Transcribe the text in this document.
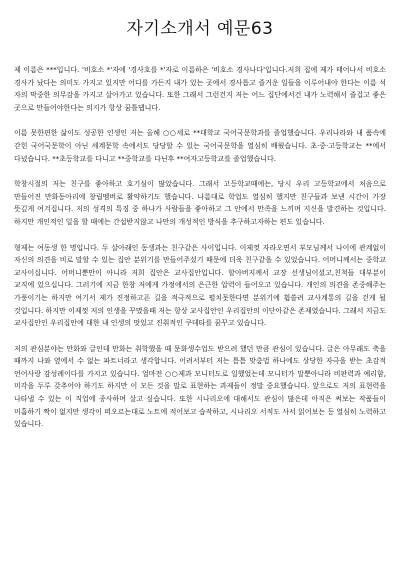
자기소개서 예문63

제 이름은 ***입니다. '비호소 *'자에 '경사호를 *'자로 이름하은 '비호소 경사나다'입니다.저희 집에 제가 태어나서 비호소 경사가 났다는 의미도 가지고 있지만 어디를 가든지 내가 있는 곳에서 경사롭고 즐거운 일들을 이루어내야 한다는 이름 석 자의 막중한 의무감을 가지고 살아가고 있습니다. 또한 그래서 그런건지 저는 어느 집단에서건 내가 노력해서 즐겁고 좋은 곳으로 만들어야한다는 의지가 항상 꿈틀댑니다.

이름 못한편한 삶이도 성공한 인생인 저는 올해 ○○세로 **대학교 국어국문학과를 졸업했습니다. 우리나라와 내 품속에 갇힌 국어국문학이 아닌 세계문학 속에서도 당당할 수 있는 국어국문학을 열심히 배웠습니다. 초·중·고등학교는 **에서 다녔습니다. **초등학교를 다니고 **중학교를 다닌후 **여자고등학교를 졸업했습니다.

학창시절의 저는 친구를 좋아하고 호기심이 많았습니다. 그래서 고등학교때에는, 당시 우리 고등학교에서 처음으로 만들어진 만화동아리에 창립멤버로 활약하기도 했습니다. 나름대로 학업도 열심히 했지만 친구들과 보낸 시간이 가장 뜻깊게 여겨집니다. 저의 성격의 특징 중 하나가 사람들을 좋아하고 그 안에서 만족을 느끼며 지신을 발견하는 것입니다. 하지만 개인적인 일을 할 때에는 간섭받지않고 나만의 개성적인 방식을 추구하고자하는 편도 있습니다.

형제는 여동생 한 명입니다. 두 살아래인 동생과는 친구같은 사이입니다. 이제껏 자라오면서 부모님께서 나이에 관계없이 자신의 의견을 비로 말할 수 있는 집안 분위기를 만들어주셨기 때문에 더욱 친구같을 수 있었습니다. 어머니께서는 중학교 교사이십니다. 어머니뿐만이 아니라 저희 집안은 교사집안입니다. 할아버지께서 교장 선생님이셨고,친척들 대부분이 교직에 있으십니다. 그러기에 지금 한창 저에게 가정에서의 은근한 압력이 들어오고 있습니다. 개인의 의견을 존중해주는 가풍이기는 하지만 여기서 제가 진정하고픈 길을 적극적으로 펼치못한다면 분위기에 휩쓸려 교사계통의 길을 걷게 될 것입니다. 하지만 이제껏 저의 인생을 꾸몄을때 저는 항상 교사집안인 우리집안의 이단아같은 존재였습니다. 그래서 지금도 교사집안인 우리집안에 대한 내 인생의 멋있고 진취적인 쿠데타를 꿈꾸고 있습니다.

저의 관심분야는 만화와 글인데 만화는 취학했을 때 문화생수업도 받으려 했던 만큼 관심이 있습니다. 글은 아무래도 축을 때까지 나와 옆에서 수 없는 파트너라고 생각합니다. 어려서부터 저는 틈틈 맞춤법 하나에도 상당한 자극을 받는 초감적 언어사랑 감성례이다를 가지고 있습니다. 얼마전 ○○제과 모니터도로 일했었는데 모니터가 말뿐아니라 비판력과 예리함, 미각을 두루 갖추어야 하기도 하지만 이 모든 것을 말로 표현하는 과제들이 정말 중요했습니다. 앞으로도 저의 표현력을 나타낼 수 있는 이 직업에 종사하며 살고 싶습니다. 또한 시나리오에 대해서도 관심이 많은데 아직은 써보는 작품들이 미흡하기 짝이 없지만 생각이 떠오르는대로 노트에 적어보고 습작하고, 시나리오 서적도 사서 읽어보는 등 열심히 노력하고 있습니다.
